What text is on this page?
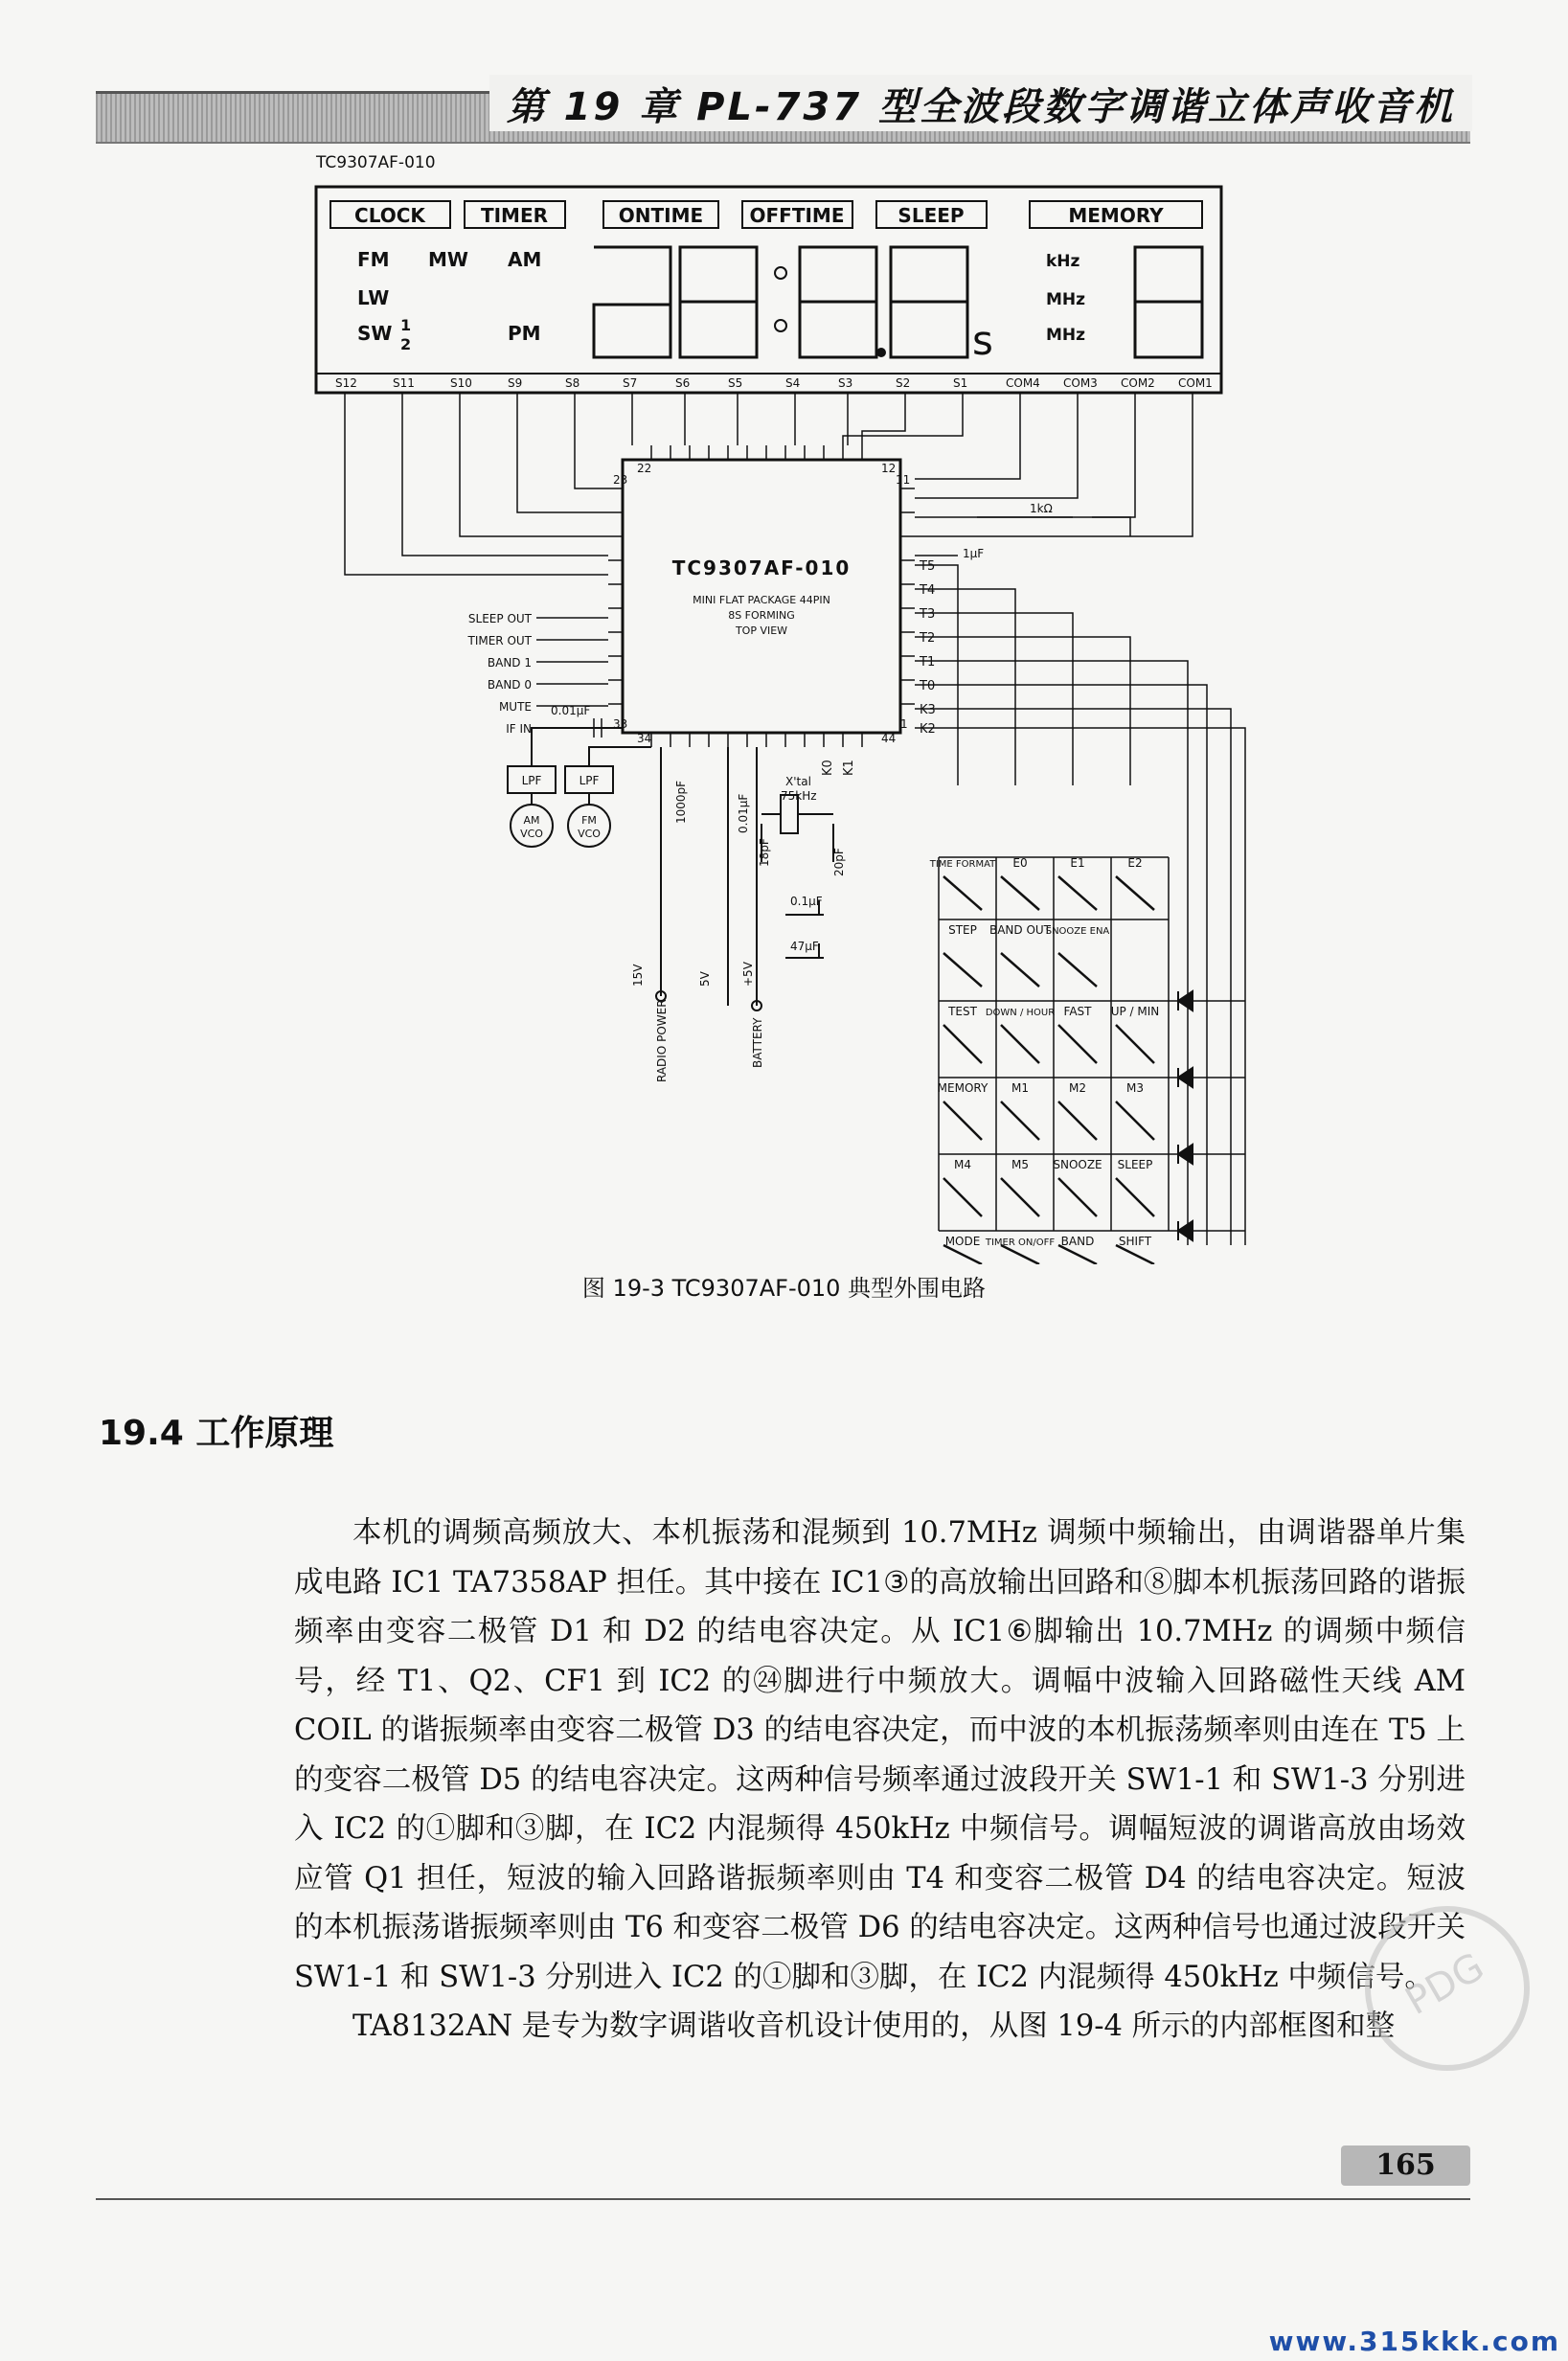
第 19 章 PL-737 型全波段数字调谐立体声收音机
TC9307AF-010
CLOCK	TIMER	ONTIME OFFTIME	SLEEP	MEMORY
FM MW AM
LW
SW 1
2	PM
kHz
MHz
MHz
s
S12	S11	S10	S9	S8	S7	S6	S5	S4	S3	S2	S1	COM4 COM3 COM2 COM1
TC9307AF-010
MINI FLAT PACKAGE 44PIN
8S FORMING
TOP VIEW
22	12
23	11
33
34	44
1
T5
T4
T3
T2
T1
T0
K3
K2
K0 K1
SLEEP OUT
TIMER OUT
BAND 1
BAND 0
MUTE
IF IN
0.01μF
1μF
1kΩ
1000pF	0.01μF
X'tal
75kHz
18pF	20pF
0.1μF
47μF
LPF	LPF
AM
VCO
FM
VCO
15V	5V	+5V
RADIO POWER	BATTERY
TIME FORMAT E0	E1	E2
STEP BAND OUT
SNOOZE ENA
TEST DOWN / HOUR FAST UP / MIN
MEMORY M1	M2	M3
M4	M5 SNOOZE SLEEP
MODE TIMER ON/OFF BAND SHIFT
图 19-3 TC9307AF-010 典型外围电路
19.4 工作原理

本机的调频高频放大、本机振荡和混频到 10.7MHz 调频中频输出，由调谐器单片集成电路 IC1 TA7358AP 担任。其中接在 IC1③的高放输出回路和⑧脚本机振荡回路的谐振频率由变容二极管 D1 和 D2 的结电容决定。从 IC1⑥脚输出 10.7MHz 的调频中频信号，经 T1、Q2、CF1 到 IC2 的㉔脚进行中频放大。调幅中波输入回路磁性天线 AM COIL 的谐振频率由变容二极管 D3 的结电容决定，而中波的本机振荡频率则由连在 T5 上的变容二极管 D5 的结电容决定。这两种信号频率通过波段开关 SW1-1 和 SW1-3 分别进入 IC2 的①脚和③脚，在 IC2 内混频得 450kHz 中频信号。调幅短波的调谐高放由场效应管 Q1 担任，短波的输入回路谐振频率则由 T4 和变容二极管 D4 的结电容决定。短波的本机振荡谐振频率则由 T6 和变容二极管 D6 的结电容决定。这两种信号也通过波段开关 SW1-1 和 SW1-3 分别进入 IC2 的①脚和③脚，在 IC2 内混频得 450kHz 中频信号。

TA8132AN 是专为数字调谐收音机设计使用的，从图 19-4 所示的内部框图和整

PDG
165
www.315kkk.com
